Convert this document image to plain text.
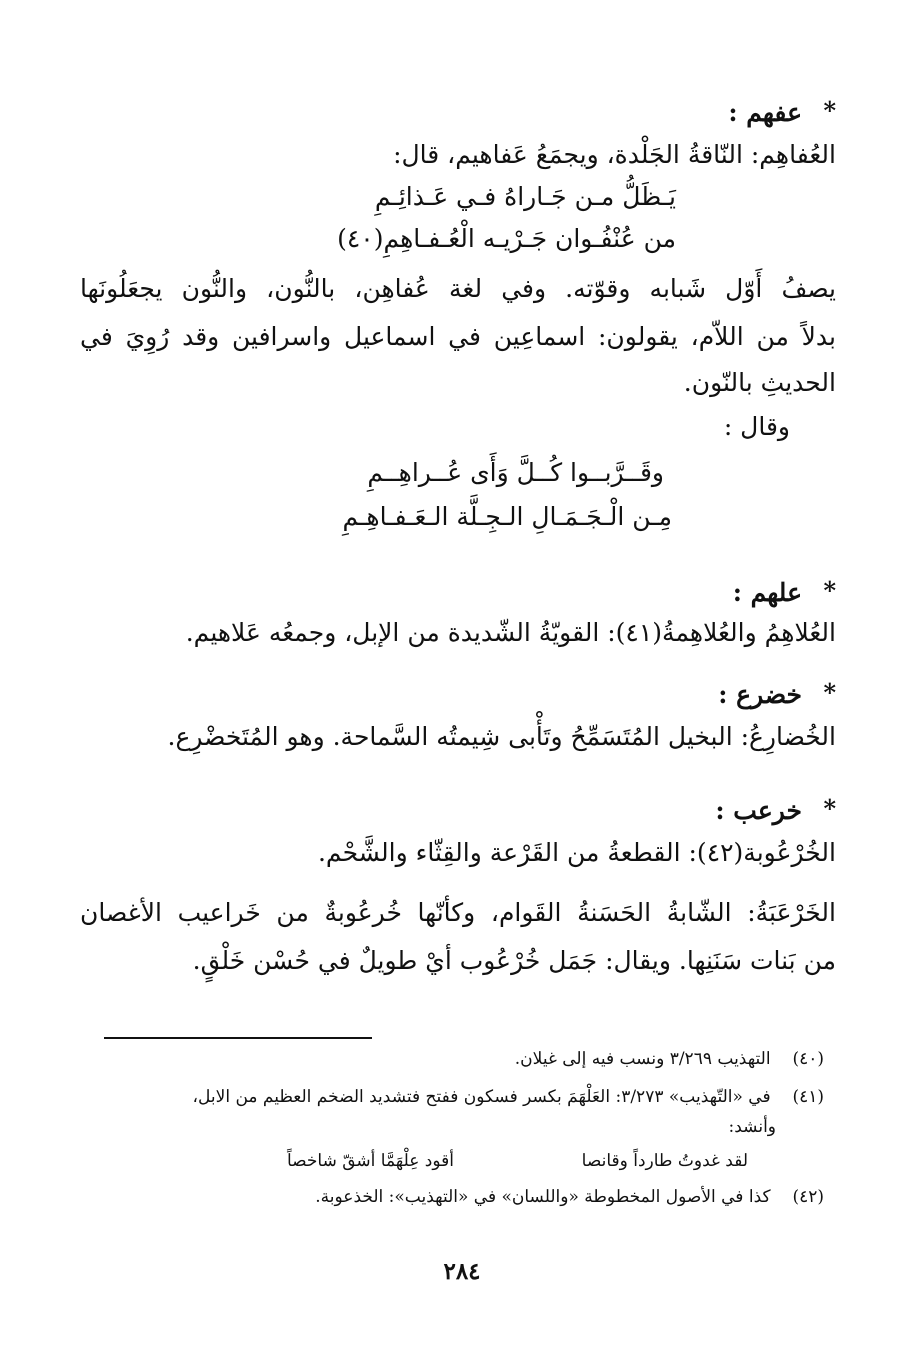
*
عفهم :
العُفاهِم: النّاقةُ الجَلْدة، ويجمَعُ عَفاهيم، قال:
يَـظَلُّ مـن جَـاراهُ فـي عَـذائِـمِ
من عُنْفُـوان جَـرْيـه الْعُـفـاهِمِ(٤٠)
يصفُ أَوّل شَبابه وقوّته. وفي لغة عُفاهِن، بالنُّون، والنُّون يجعَلُونَها
بدلاً من اللاّم، يقولون: اسماعِين في اسماعيل واسرافين وقد رُوِيَ في
الحديثِ بالنّون.
وقال :
وقَــرَّبــوا كُــلَّ وَأَى عُــراهِــمِ
مِـن الْـجَـمَـالِ الـجِـلَّة الـعَـفـاهِـمِ
*
علهم :
العُلاهِمُ والعُلاهِمةُ(٤١): القويّةُ الشّديدة من الإبل، وجمعُه عَلاهيم.
*
خضرع :
الخُضارِعُ: البخيل المُتَسَمِّحُ وتَأْبى شِيمتُه السَّماحة. وهو المُتَخضْرِع.
*
خرعب :
الخُرْعُوبة(٤٢): القطعةُ من القَرْعة والقِثّاء والشَّحْم.
الخَرْعَبَةُ: الشّابةُ الحَسَنةُ القَوام، وكأنّها خُرعُوبةٌ من خَراعيب الأغصان
من بَنات سَنَنِها. ويقال: جَمَل خُرْعُوب أيْ طويلٌ في حُسْن خَلْقٍ.
(٤٠) التهذيب ٣/٢٦٩ ونسب فيه إلى غيلان.
(٤١) في «التّهذيب» ٣/٢٧٣: العَلْهَمَ بكسر فسكون ففتح فتشديد الضخم العظيم من الابل،
وأنشد:
لقد غدوتُ طارداً وقانصا
أقود عِلْهَمَّا أشقّ شاخصاً
(٤٢) كذا في الأصول المخطوطة «واللسان» في «التهذيب»: الخذعوبة.
٢٨٤
